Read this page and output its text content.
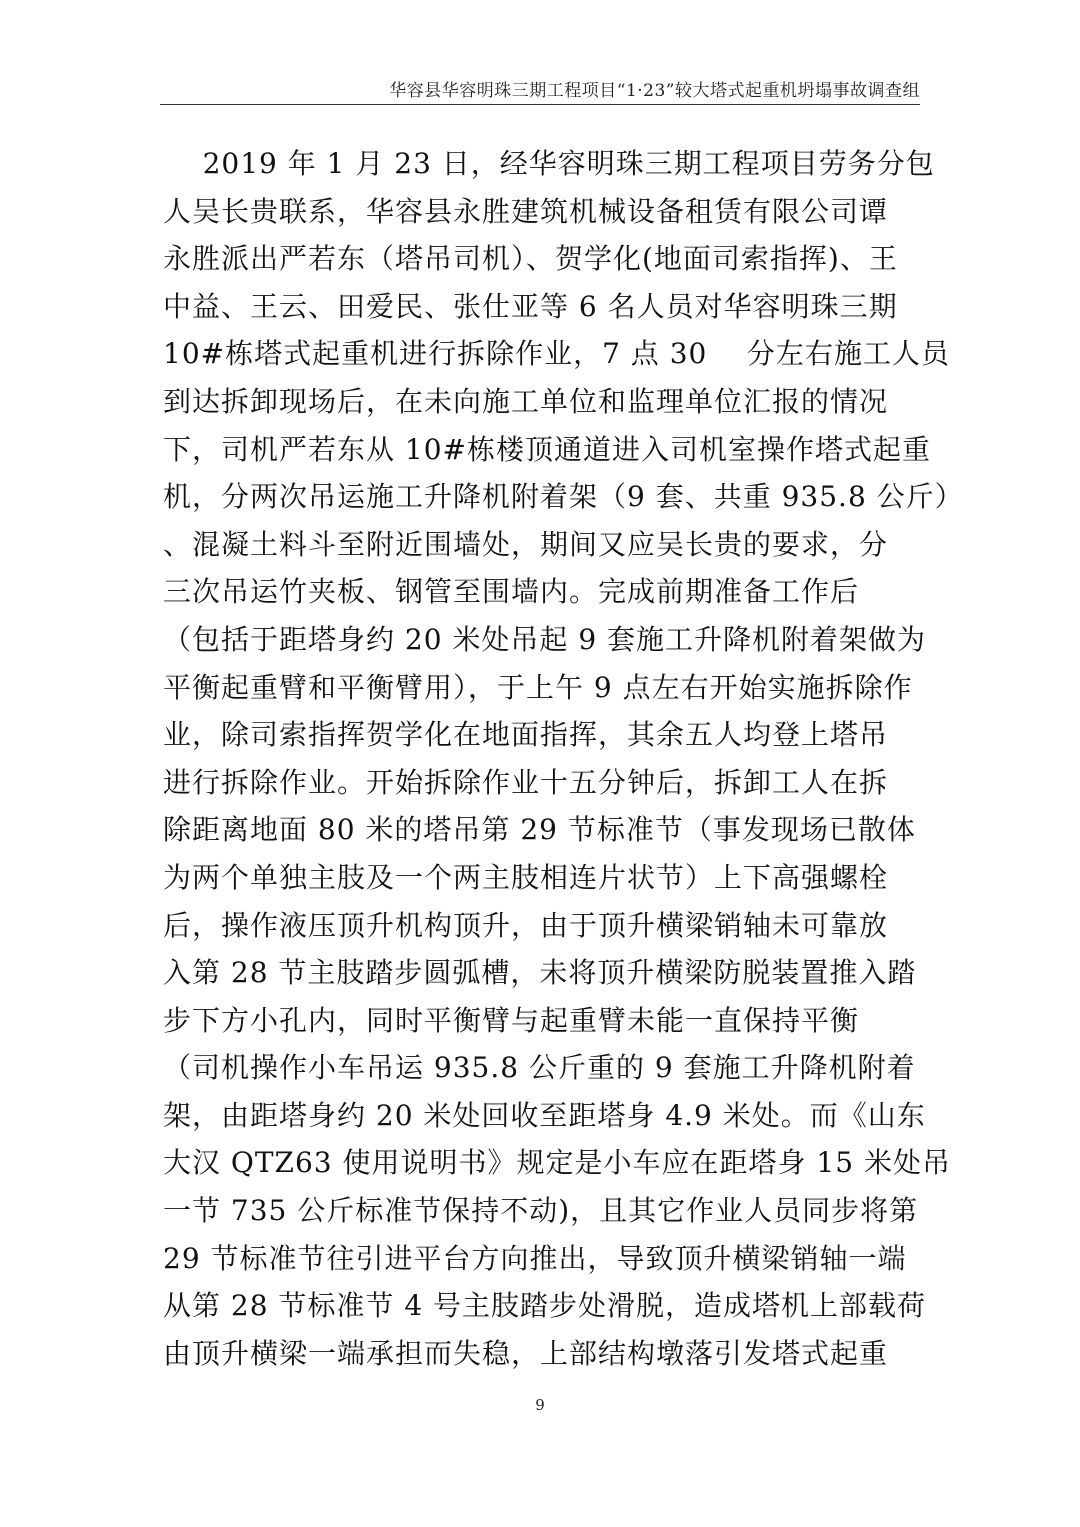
华容县华容明珠三期工程项目“1·23”较大塔式起重机坍塌事故调查组
2019 年 1 月 23 日，经华容明珠三期工程项目劳务分包
人吴长贵联系，华容县永胜建筑机械设备租赁有限公司谭
永胜派出严若东（塔吊司机）、贺学化(地面司索指挥)、王
中益、王云、田爱民、张仕亚等 6 名人员对华容明珠三期
10#栋塔式起重机进行拆除作业，7 点 30    分左右施工人员
到达拆卸现场后，在未向施工单位和监理单位汇报的情况
下，司机严若东从 10#栋楼顶通道进入司机室操作塔式起重
机，分两次吊运施工升降机附着架（9 套、共重 935.8 公斤）
、混凝土料斗至附近围墙处，期间又应吴长贵的要求，分
三次吊运竹夹板、钢管至围墙内。完成前期准备工作后
（包括于距塔身约 20 米处吊起 9 套施工升降机附着架做为
平衡起重臂和平衡臂用），于上午 9 点左右开始实施拆除作
业，除司索指挥贺学化在地面指挥，其余五人均登上塔吊
进行拆除作业。开始拆除作业十五分钟后，拆卸工人在拆
除距离地面 80 米的塔吊第 29 节标准节（事发现场已散体
为两个单独主肢及一个两主肢相连片状节）上下高强螺栓
后，操作液压顶升机构顶升，由于顶升横梁销轴未可靠放
入第 28 节主肢踏步圆弧槽，未将顶升横梁防脱装置推入踏
步下方小孔内，同时平衡臂与起重臂未能一直保持平衡
（司机操作小车吊运 935.8 公斤重的 9 套施工升降机附着
架，由距塔身约 20 米处回收至距塔身 4.9 米处。而《山东
大汉 QTZ63 使用说明书》规定是小车应在距塔身 15 米处吊
一节 735 公斤标准节保持不动)，且其它作业人员同步将第
29 节标准节往引进平台方向推出，导致顶升横梁销轴一端
从第 28 节标准节 4 号主肢踏步处滑脱，造成塔机上部载荷
由顶升横梁一端承担而失稳，上部结构墩落引发塔式起重
9
